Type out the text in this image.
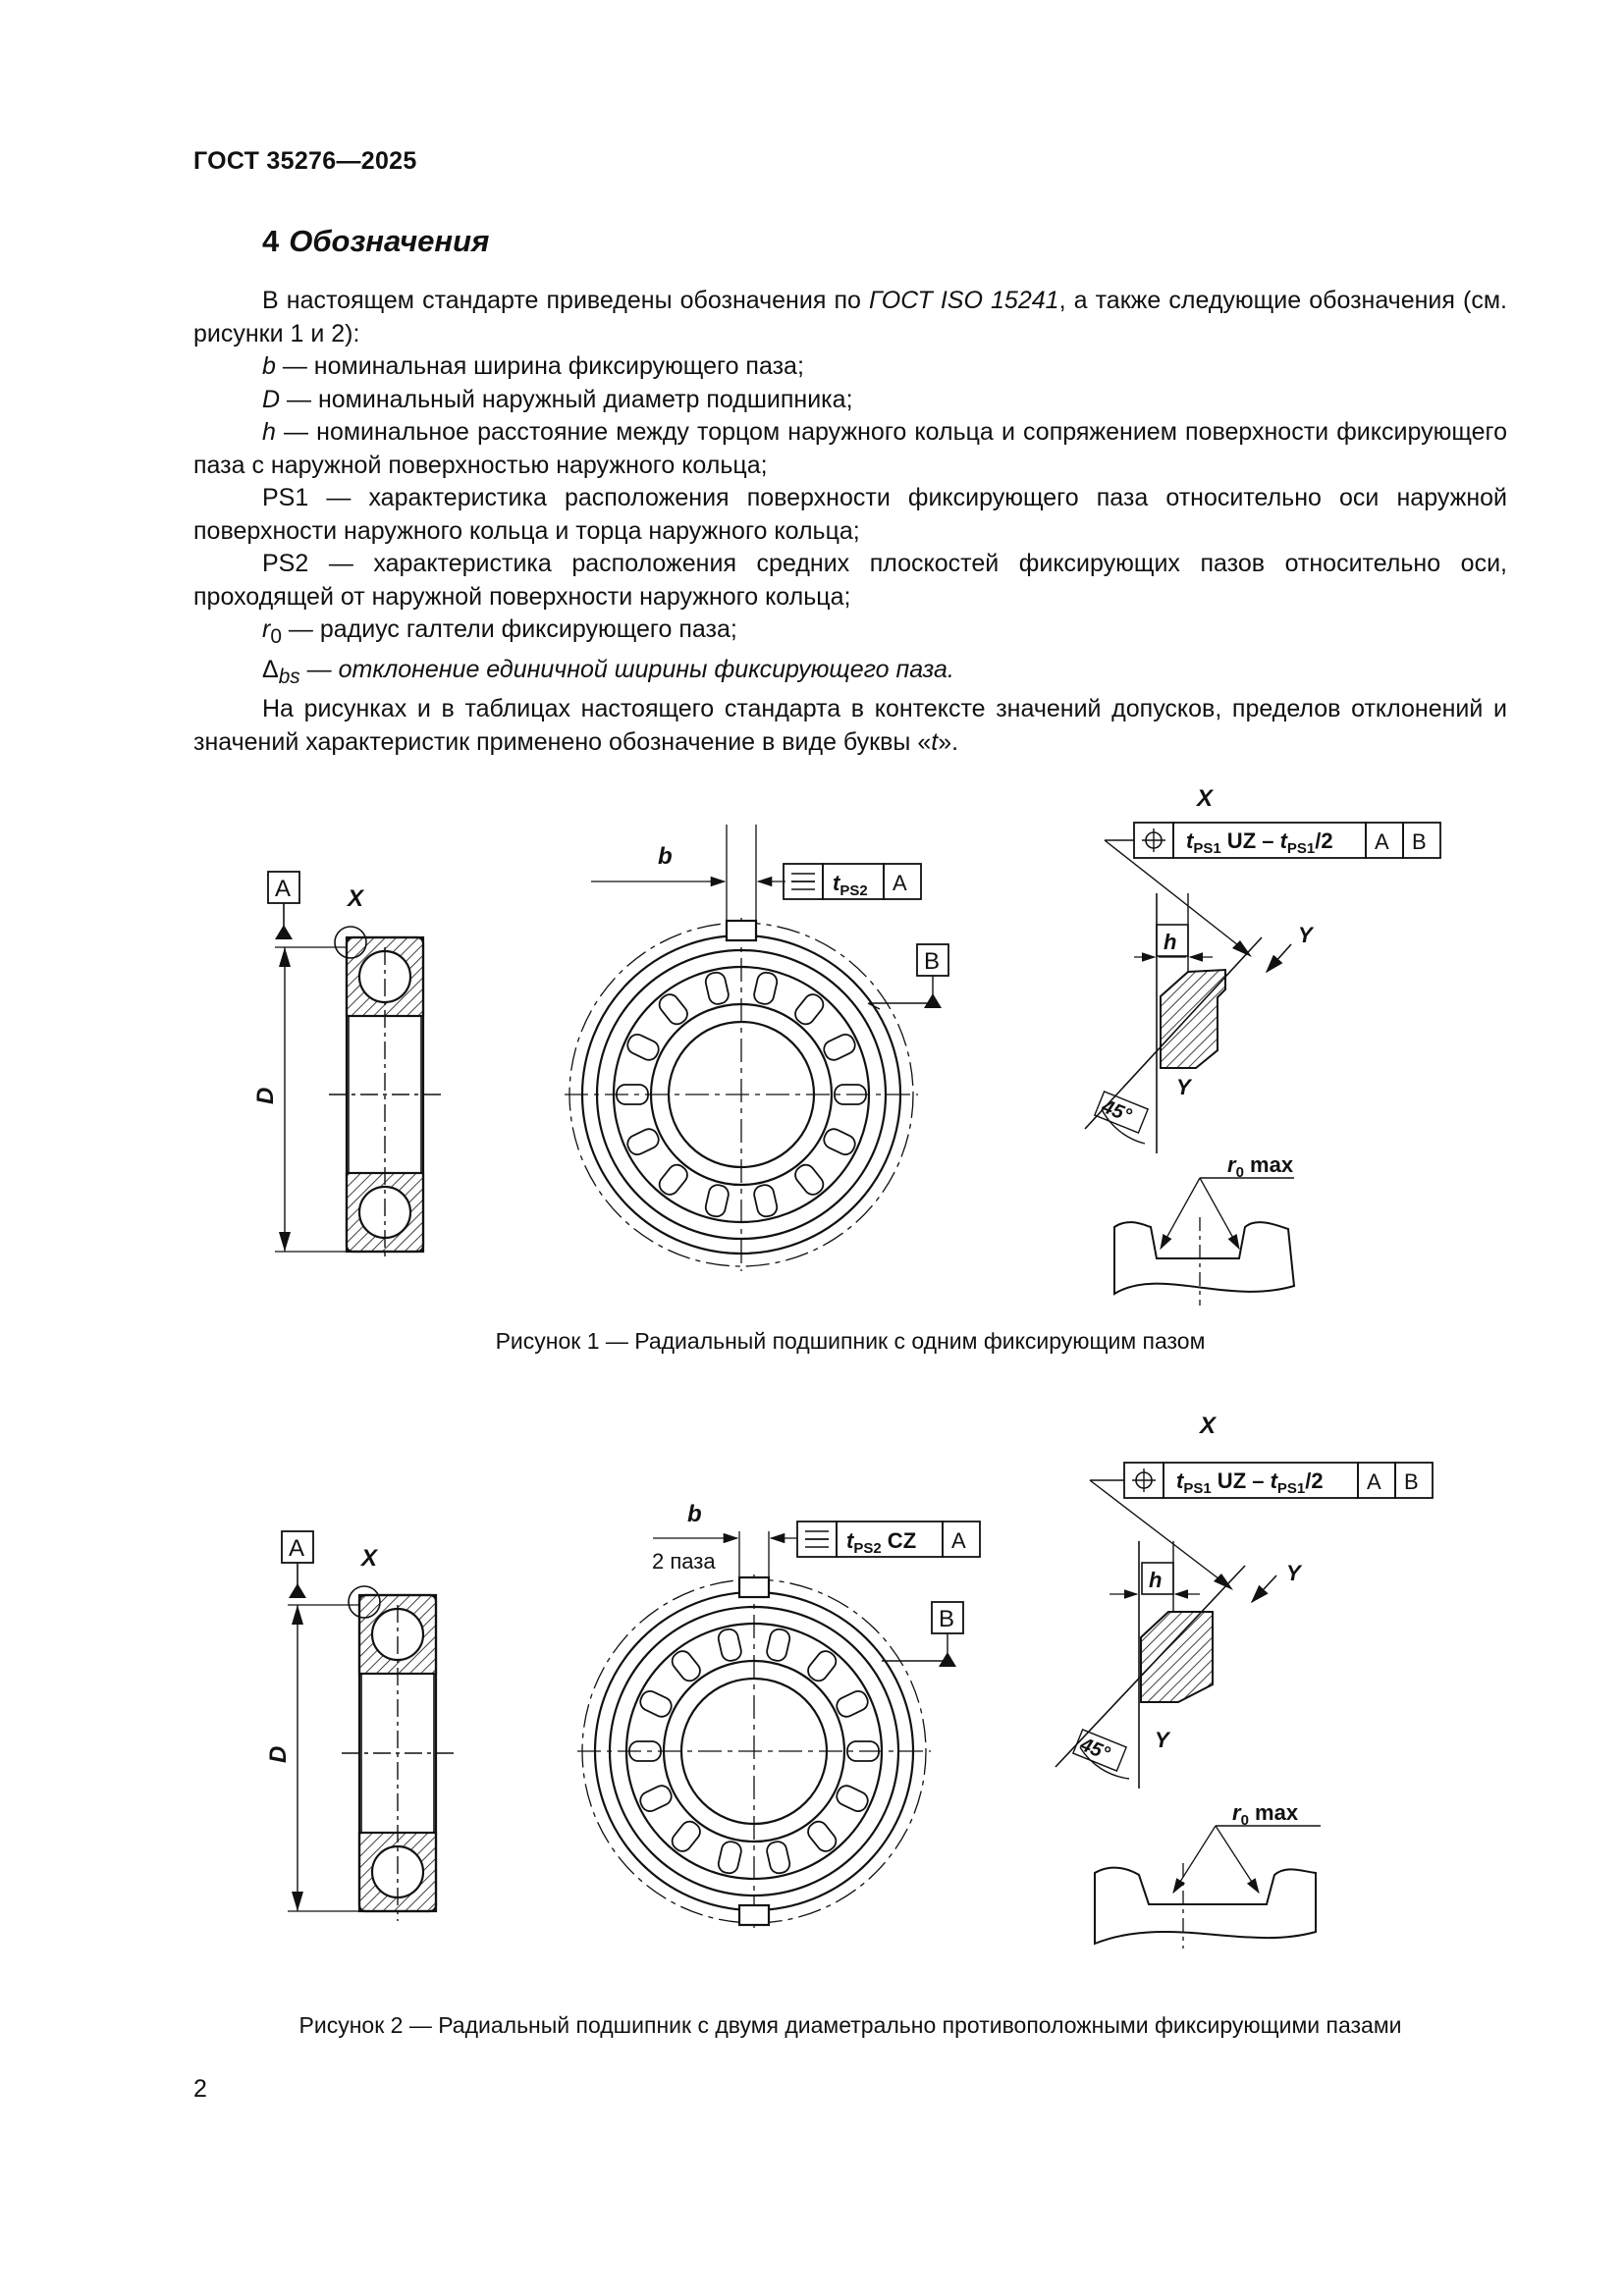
ГОСТ 35276—2025
4 Обозначения

В настоящем стандарте приведены обозначения по ГОСТ ISO 15241, а также следующие обозначения (см. рисунки 1 и 2):

b — номинальная ширина фиксирующего паза;

D — номинальный наружный диаметр подшипника;

h — номинальное расстояние между торцом наружного кольца и сопряжением поверхности фиксирующего паза с наружной поверхностью наружного кольца;

PS1 — характеристика расположения поверхности фиксирующего паза относительно оси наружной поверхности наружного кольца и торца наружного кольца;

PS2 — характеристика расположения средних плоскостей фиксирующих пазов относительно оси, проходящей от наружной поверхности наружного кольца;

$r_0$ — радиус галтели фиксирующего паза;

$\Delta_{bs}$ — отклонение единичной ширины фиксирующего паза.

На рисунках и в таблицах настоящего стандарта в контексте значений допусков, пределов отклонений и значений характеристик применено обозначение в виде буквы «t».

A X
D
b
B
$t_{PS2}$ A
X
$t_{PS1}$ UZ – $t_{PS1}/2$ A B
h	Y
Y
45°
$r_0$ max
Рисунок 1 — Радиальный подшипник с одним фиксирующим пазом
A X
D
b
2 паза
B
$t_{PS2}$ CZ A
X
$t_{PS1}$ UZ – $t_{PS1}/2$ A B
h	Y
Y
45°
$r_0$ max
Рисунок 2 — Радиальный подшипник с двумя диаметрально противоположными фиксирующими пазами
2
